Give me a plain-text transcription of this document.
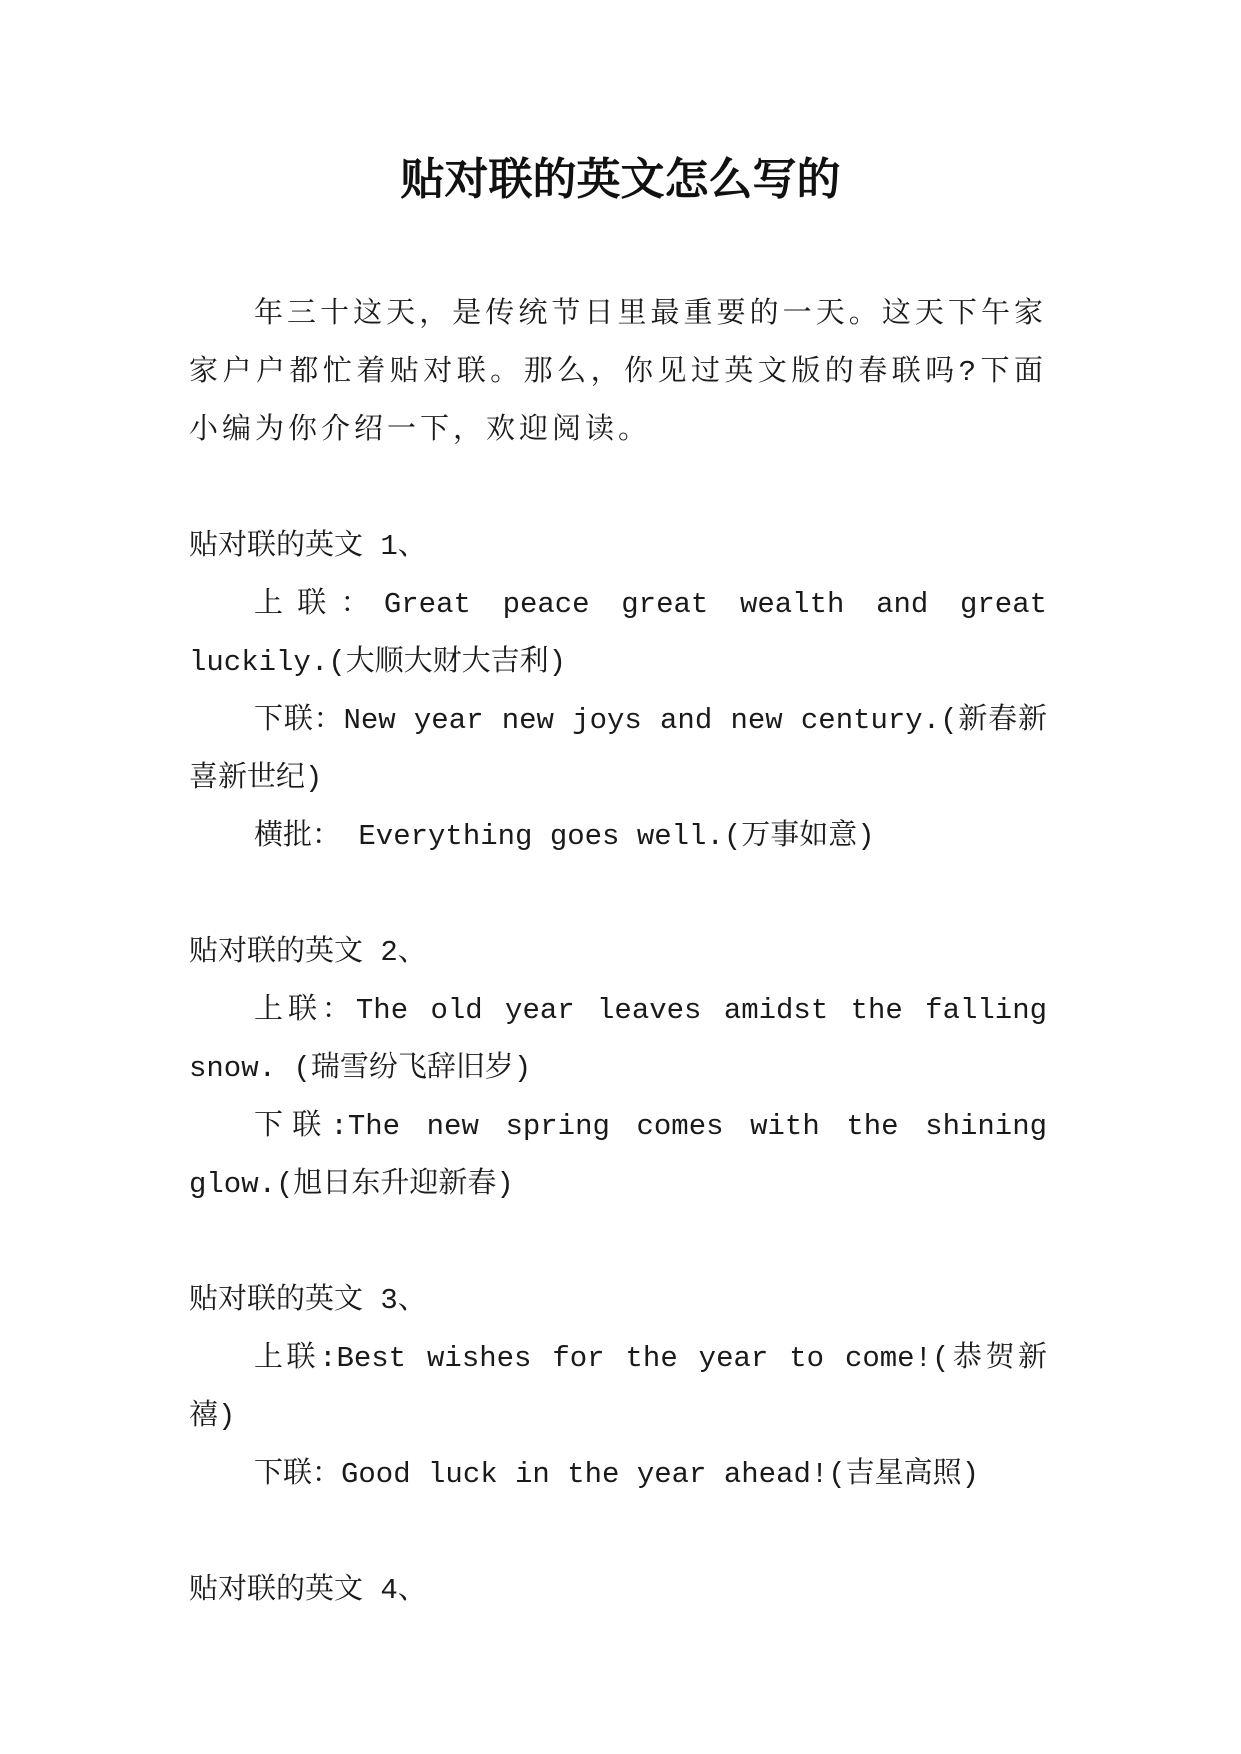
贴对联的英文怎么写的

年三十这天，是传统节日里最重要的一天。这天下午家家户户都忙着贴对联。那么，你见过英文版的春联吗?下面小编为你介绍一下，欢迎阅读。

贴对联的英文 1、

上联：Great peace great wealth and great luckily.(大顺大财大吉利)

下联：New year new joys and new century.(新春新喜新世纪)

横批： Everything goes well.(万事如意)

贴对联的英文 2、

上联：The old year leaves amidst the falling snow. (瑞雪纷飞辞旧岁)

下联:The new spring comes with the shining glow.(旭日东升迎新春)

贴对联的英文 3、

上联:Best wishes for the year to come!(恭贺新禧)

下联：Good luck in the year ahead!(吉星高照)

贴对联的英文 4、
